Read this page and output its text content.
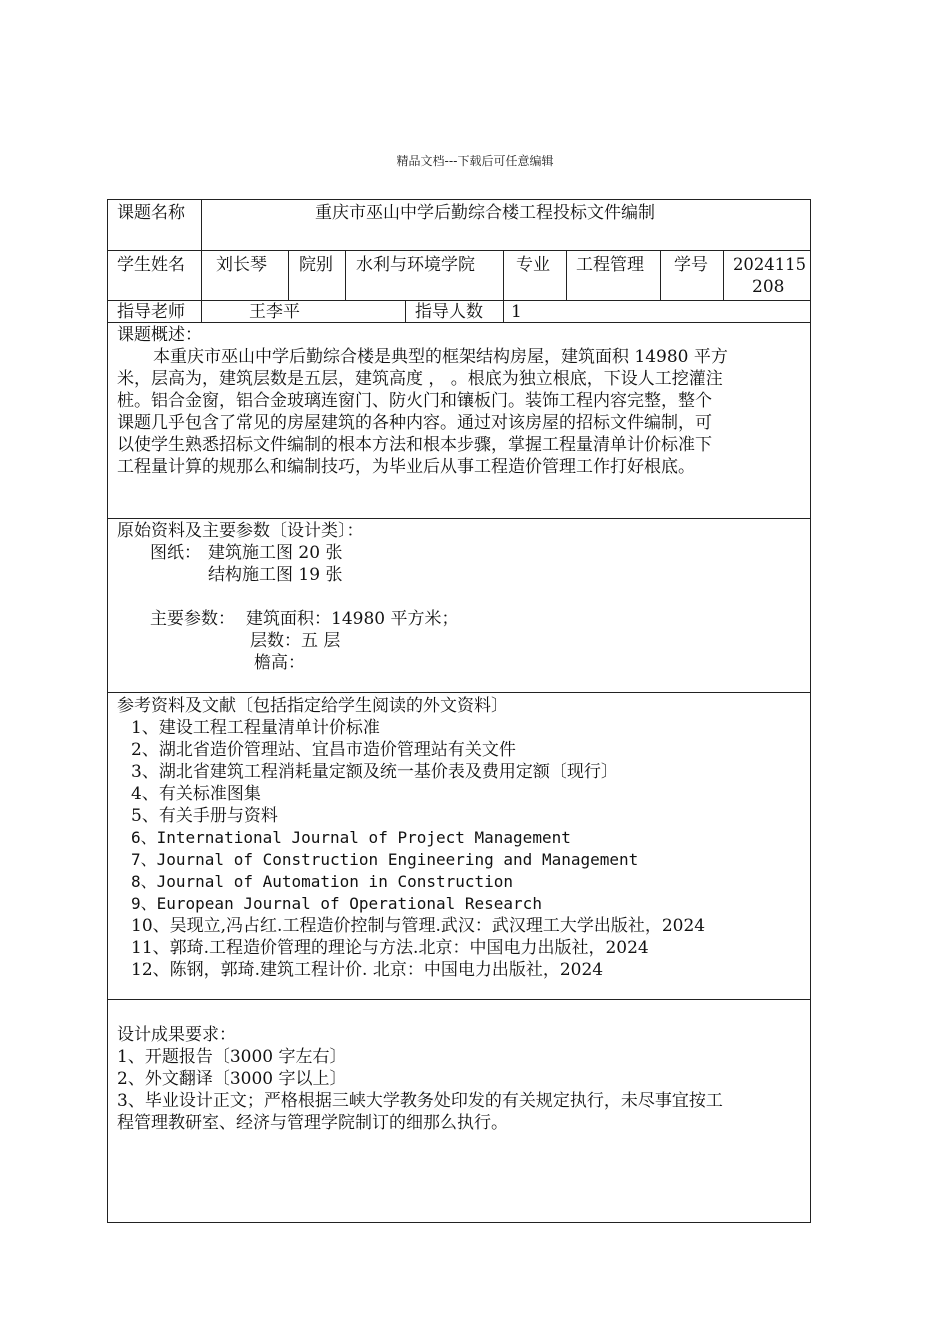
精品文档---下载后可任意编辑
课题名称	重庆市巫山中学后勤综合楼工程投标文件编制
学生姓名 刘长琴 院别 水利与环境学院 专业 工程管理 学号 2024115
208
指导老师	王李平	指导人数 1
课题概述：
本重庆市巫山中学后勤综合楼是典型的框架结构房屋，建筑面积 14980 平方
米，层高为，建筑层数是五层，建筑高度 ， 。根底为独立根底，下设人工挖灌注
桩。铝合金窗，铝合金玻璃连窗门、防火门和镶板门。装饰工程内容完整，整个
课题几乎包含了常见的房屋建筑的各种内容。通过对该房屋的招标文件编制，可
以使学生熟悉招标文件编制的根本方法和根本步骤，掌握工程量清单计价标准下
工程量计算的规那么和编制技巧，为毕业后从事工程造价管理工作打好根底。
原始资料及主要参数〔设计类〕：
图纸： 建筑施工图 20 张
结构施工图 19 张
主要参数： 建筑面积：14980 平方米；
层数：五 层
檐高：
参考资料及文献〔包括指定给学生阅读的外文资料〕
1、建设工程工程量清单计价标准
2、湖北省造价管理站、宜昌市造价管理站有关文件
3、湖北省建筑工程消耗量定额及统一基价表及费用定额〔现行〕
4、有关标准图集
5、有关手册与资料
6、International Journal of Project Management
7、Journal of Construction Engineering and Management
8、Journal of Automation in Construction
9、European Journal of Operational Research
10、吴现立,冯占红.工程造价控制与管理.武汉：武汉理工大学出版社，2024
11、郭琦.工程造价管理的理论与方法.北京：中国电力出版社，2024
12、陈钢，郭琦.建筑工程计价. 北京：中国电力出版社，2024
设计成果要求：
1、开题报告〔3000 字左右〕
2、外文翻译〔3000 字以上〕
3、毕业设计正文；严格根据三峡大学教务处印发的有关规定执行，未尽事宜按工
程管理教研室、经济与管理学院制订的细那么执行。
